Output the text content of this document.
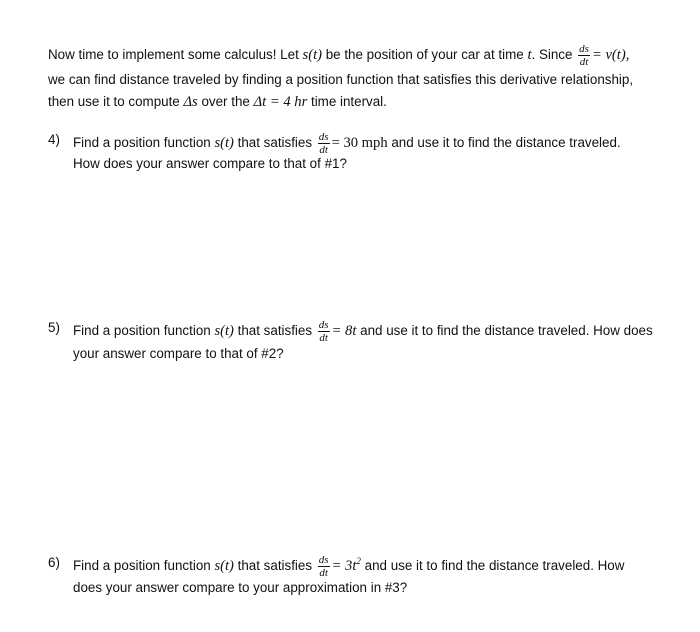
Now time to implement some calculus! Let s(t) be the position of your car at time t. Since $\frac{ds}{dt} = v(t)$,
we can find distance traveled by finding a position function that satisfies this derivative relationship,
then use it to compute Δs over the Δt = 4 hr time interval.
4) Find a position function s(t) that satisfies $\frac{ds}{dt} = 30$ mph and use it to find the distance traveled.
How does your answer compare to that of #1?
5) Find a position function s(t) that satisfies $\frac{ds}{dt} = 8t$ and use it to find the distance traveled. How does
your answer compare to that of #2?
6) Find a position function s(t) that satisfies $\frac{ds}{dt} = 3t^2$ and use it to find the distance traveled. How
does your answer compare to your approximation in #3?
